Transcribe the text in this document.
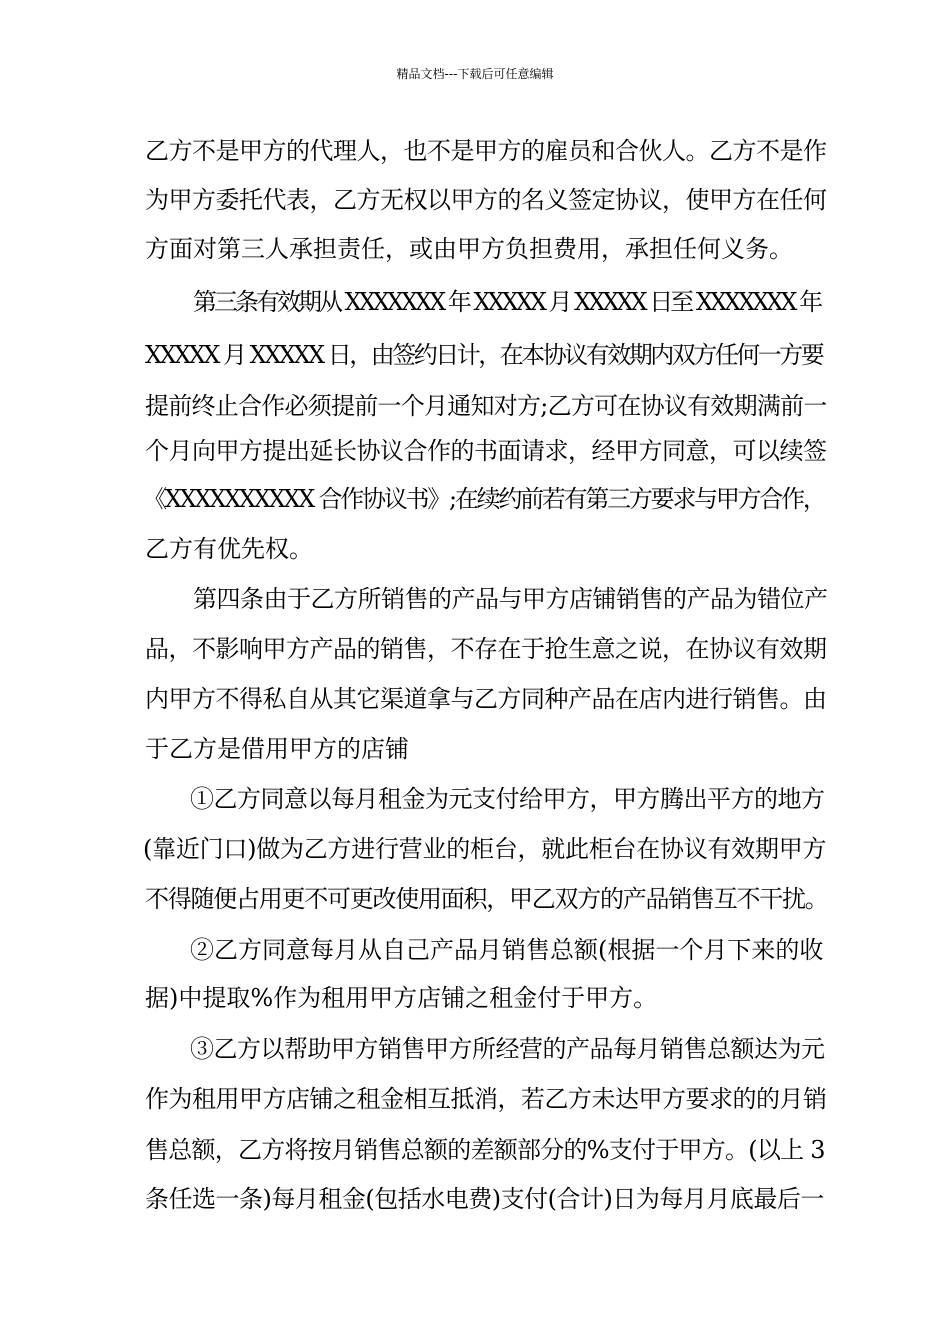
精品文档---下载后可任意编辑
乙方不是甲方的代理人，也不是甲方的雇员和合伙人。乙方不是作
为甲方委托代表，乙方无权以甲方的名义签定协议，使甲方在任何
方面对第三人承担责任，或由甲方负担费用，承担任何义务。
第三条有效期从 XXXXXXX 年 XXXXX 月 XXXXX 日至 XXXXXXX 年
XXXXX 月 XXXXX 日，由签约日计，在本协议有效期内双方任何一方要
提前终止合作必须提前一个月通知对方;乙方可在协议有效期满前一
个月向甲方提出延长协议合作的书面请求，经甲方同意，可以续签
《XXXXXXXXXX 合作协议书》;在续约前若有第三方要求与甲方合作，
乙方有优先权。
第四条由于乙方所销售的产品与甲方店铺销售的产品为错位产
品，不影响甲方产品的销售，不存在于抢生意之说，在协议有效期
内甲方不得私自从其它渠道拿与乙方同种产品在店内进行销售。由
于乙方是借用甲方的店铺
①乙方同意以每月租金为元支付给甲方，甲方腾出平方的地方
(靠近门口)做为乙方进行营业的柜台，就此柜台在协议有效期甲方
不得随便占用更不可更改使用面积，甲乙双方的产品销售互不干扰。
②乙方同意每月从自己产品月销售总额(根据一个月下来的收
据)中提取%作为租用甲方店铺之租金付于甲方。
③乙方以帮助甲方销售甲方所经营的产品每月销售总额达为元
作为租用甲方店铺之租金相互抵消，若乙方未达甲方要求的的月销
售总额，乙方将按月销售总额的差额部分的%支付于甲方。(以上 3
条任选一条)每月租金(包括水电费)支付(合计)日为每月月底最后一
